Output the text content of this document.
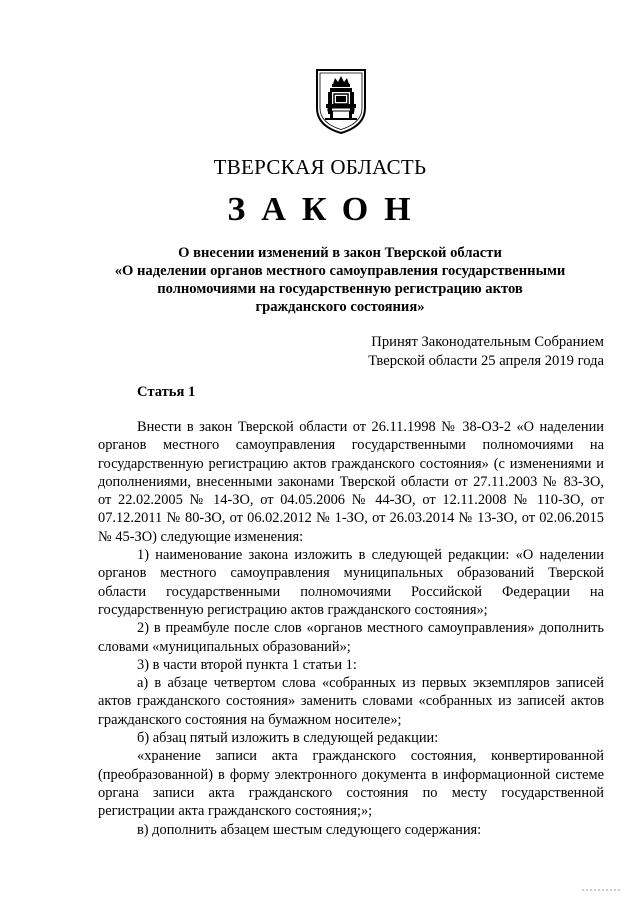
ТВЕРСКАЯ ОБЛАСТЬ
ЗАКОН
О внесении изменений в закон Тверской области
«О наделении органов местного самоуправления государственными
полномочиями на государственную регистрацию актов
гражданского состояния»
Принят Законодательным Собранием
Тверской области 25 апреля 2019 года
Статья 1

Внести в закон Тверской области от 26.11.1998 № 38-ОЗ-2 «О наделении органов местного самоуправления государственными полномочиями на государственную регистрацию актов гражданского состояния» (с изменениями и дополнениями, внесенными законами Тверской области от 27.11.2003 № 83-ЗО, от 22.02.2005 № 14-ЗО, от 04.05.2006 № 44-ЗО, от 12.11.2008 № 110-ЗО, от 07.12.2011 № 80-ЗО, от 06.02.2012 № 1-ЗО, от 26.03.2014 № 13-ЗО, от 02.06.2015 № 45-ЗО) следующие изменения:

1) наименование закона изложить в следующей редакции: «О наделении органов местного самоуправления муниципальных образований Тверской области государственными полномочиями Российской Федерации на государственную регистрацию актов гражданского состояния»;

2) в преамбуле после слов «органов местного самоуправления» дополнить словами «муниципальных образований»;

3) в части второй пункта 1 статьи 1:

а) в абзаце четвертом слова «собранных из первых экземпляров записей актов гражданского состояния» заменить словами «собранных из записей актов гражданского состояния на бумажном носителе»;

б) абзац пятый изложить в следующей редакции:

«хранение записи акта гражданского состояния, конвертированной (преобразованной) в форму электронного документа в информационной системе органа записи акта гражданского состояния по месту государственной регистрации акта гражданского состояния;»;

в) дополнить абзацем шестым следующего содержания:
